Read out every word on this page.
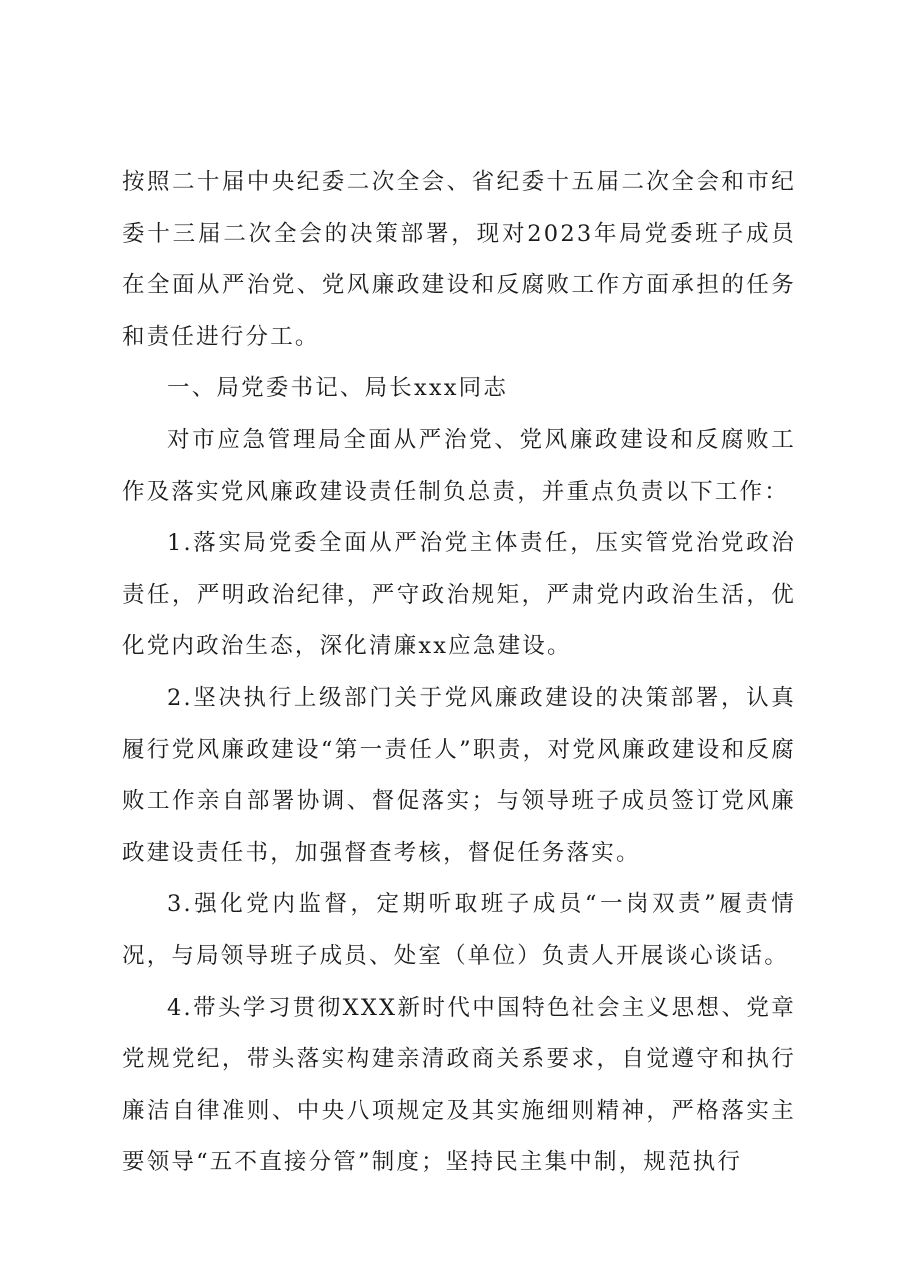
按照二十届中央纪委二次全会、省纪委十五届二次全会和市纪委十三届二次全会的决策部署，现对2023年局党委班子成员在全面从严治党、党风廉政建设和反腐败工作方面承担的任务和责任进行分工。

一、局党委书记、局长xxx同志

对市应急管理局全面从严治党、党风廉政建设和反腐败工作及落实党风廉政建设责任制负总责，并重点负责以下工作：

1.落实局党委全面从严治党主体责任，压实管党治党政治责任，严明政治纪律，严守政治规矩，严肃党内政治生活，优化党内政治生态，深化清廉xx应急建设。

2.坚决执行上级部门关于党风廉政建设的决策部署，认真履行党风廉政建设“第一责任人”职责，对党风廉政建设和反腐败工作亲自部署协调、督促落实；与领导班子成员签订党风廉政建设责任书，加强督查考核，督促任务落实。

3.强化党内监督，定期听取班子成员“一岗双责”履责情况，与局领导班子成员、处室（单位）负责人开展谈心谈话。

4.带头学习贯彻XXX新时代中国特色社会主义思想、党章党规党纪，带头落实构建亲清政商关系要求，自觉遵守和执行廉洁自律准则、中央八项规定及其实施细则精神，严格落实主要领导“五不直接分管”制度；坚持民主集中制，规范执行
